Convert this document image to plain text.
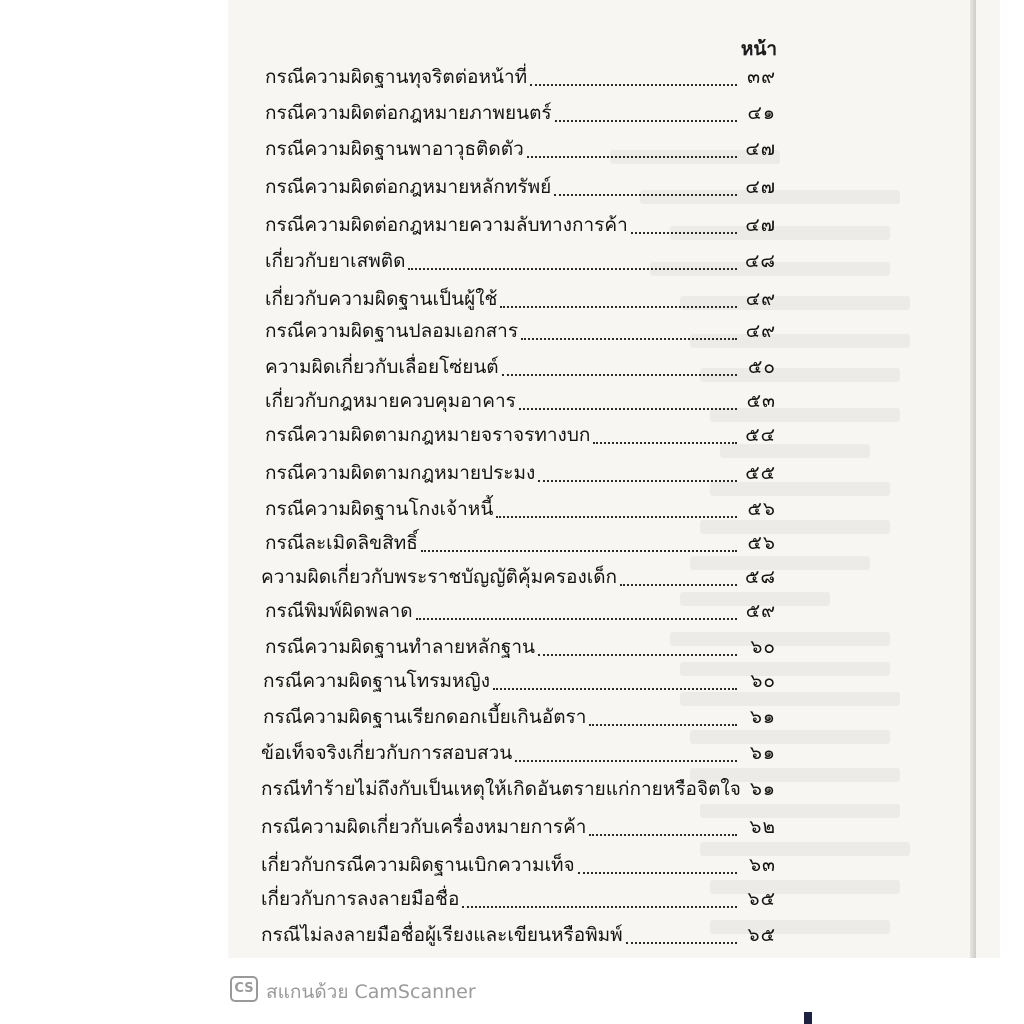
หน้า
กรณีความผิดฐานทุจริตต่อหน้าที่	๓๙
กรณีความผิดต่อกฎหมายภาพยนตร์	๔๑
กรณีความผิดฐานพาอาวุธติดตัว	๔๗
กรณีความผิดต่อกฎหมายหลักทรัพย์	๔๗
กรณีความผิดต่อกฎหมายความลับทางการค้า	๔๗
เกี่ยวกับยาเสพติด	๔๘
เกี่ยวกับความผิดฐานเป็นผู้ใช้	๔๙
กรณีความผิดฐานปลอมเอกสาร	๔๙
ความผิดเกี่ยวกับเลื่อยโซ่ยนต์	๕๐
เกี่ยวกับกฎหมายควบคุมอาคาร	๕๓
กรณีความผิดตามกฎหมายจราจรทางบก	๕๔
กรณีความผิดตามกฎหมายประมง	๕๕
กรณีความผิดฐานโกงเจ้าหนี้	๕๖
กรณีละเมิดลิขสิทธิ์	๕๖
ความผิดเกี่ยวกับพระราชบัญญัติคุ้มครองเด็ก	๕๘
กรณีพิมพ์ผิดพลาด	๕๙
กรณีความผิดฐานทำลายหลักฐาน	๖๐
กรณีความผิดฐานโทรมหญิง	๖๐
กรณีความผิดฐานเรียกดอกเบี้ยเกินอัตรา	๖๑
ข้อเท็จจริงเกี่ยวกับการสอบสวน	๖๑
กรณีทำร้ายไม่ถึงกับเป็นเหตุให้เกิดอันตรายแก่กายหรือจิตใจ ๖๑
กรณีความผิดเกี่ยวกับเครื่องหมายการค้า	๖๒
เกี่ยวกับกรณีความผิดฐานเบิกความเท็จ	๖๓
เกี่ยวกับการลงลายมือชื่อ	๖๕
กรณีไม่ลงลายมือชื่อผู้เรียงและเขียนหรือพิมพ์	๖๕
CS สแกนด้วย CamScanner
